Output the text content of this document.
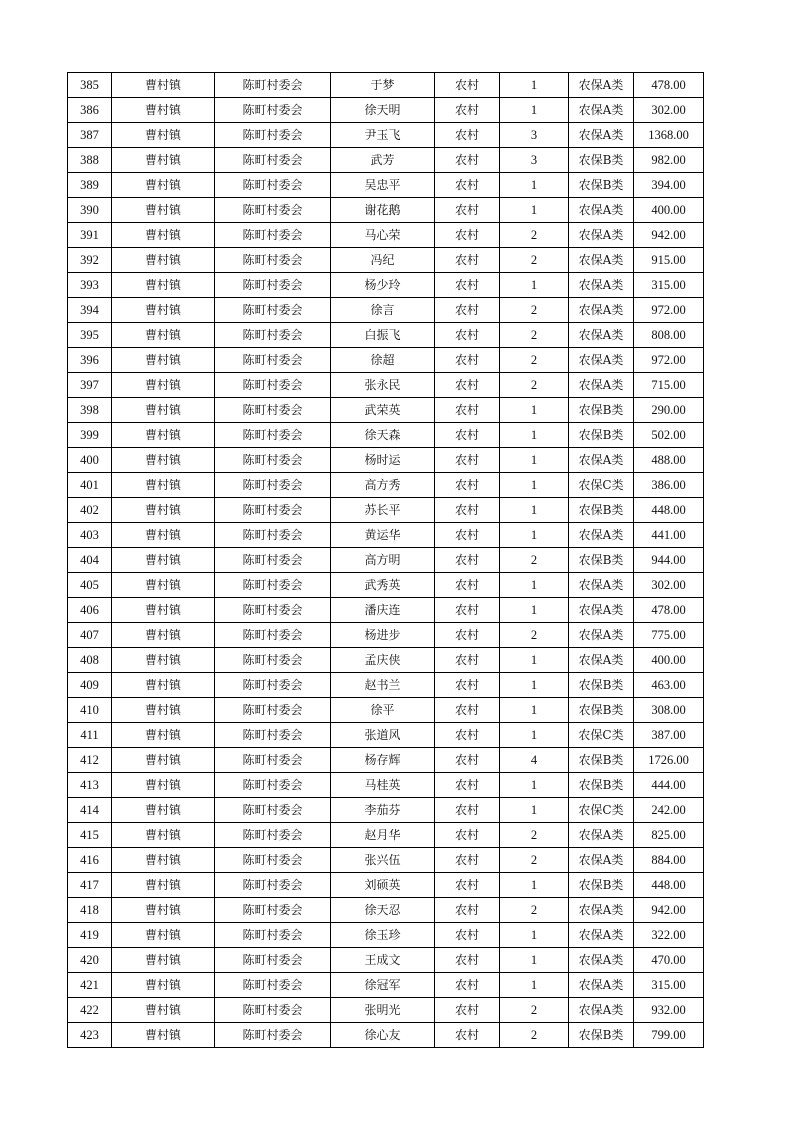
385	曹村镇	陈町村委会	于梦	农村	1	农保A类	478.00
386	曹村镇	陈町村委会	徐天明	农村	1	农保A类	302.00
387	曹村镇	陈町村委会	尹玉飞	农村	3	农保A类	1368.00
388	曹村镇	陈町村委会	武芳	农村	3	农保B类	982.00
389	曹村镇	陈町村委会	吴忠平	农村	1	农保B类	394.00
390	曹村镇	陈町村委会	谢花鹅	农村	1	农保A类	400.00
391	曹村镇	陈町村委会	马心荣	农村	2	农保A类	942.00
392	曹村镇	陈町村委会	冯纪	农村	2	农保A类	915.00
393	曹村镇	陈町村委会	杨少玲	农村	1	农保A类	315.00
394	曹村镇	陈町村委会	徐言	农村	2	农保A类	972.00
395	曹村镇	陈町村委会	白振飞	农村	2	农保A类	808.00
396	曹村镇	陈町村委会	徐超	农村	2	农保A类	972.00
397	曹村镇	陈町村委会	张永民	农村	2	农保A类	715.00
398	曹村镇	陈町村委会	武荣英	农村	1	农保B类	290.00
399	曹村镇	陈町村委会	徐天森	农村	1	农保B类	502.00
400	曹村镇	陈町村委会	杨时运	农村	1	农保A类	488.00
401	曹村镇	陈町村委会	高方秀	农村	1	农保C类	386.00
402	曹村镇	陈町村委会	苏长平	农村	1	农保B类	448.00
403	曹村镇	陈町村委会	黄运华	农村	1	农保A类	441.00
404	曹村镇	陈町村委会	高方明	农村	2	农保B类	944.00
405	曹村镇	陈町村委会	武秀英	农村	1	农保A类	302.00
406	曹村镇	陈町村委会	潘庆连	农村	1	农保A类	478.00
407	曹村镇	陈町村委会	杨进步	农村	2	农保A类	775.00
408	曹村镇	陈町村委会	孟庆侠	农村	1	农保A类	400.00
409	曹村镇	陈町村委会	赵书兰	农村	1	农保B类	463.00
410	曹村镇	陈町村委会	徐平	农村	1	农保B类	308.00
411	曹村镇	陈町村委会	张道风	农村	1	农保C类	387.00
412	曹村镇	陈町村委会	杨存辉	农村	4	农保B类	1726.00
413	曹村镇	陈町村委会	马桂英	农村	1	农保B类	444.00
414	曹村镇	陈町村委会	李茄芬	农村	1	农保C类	242.00
415	曹村镇	陈町村委会	赵月华	农村	2	农保A类	825.00
416	曹村镇	陈町村委会	张兴伍	农村	2	农保A类	884.00
417	曹村镇	陈町村委会	刘硕英	农村	1	农保B类	448.00
418	曹村镇	陈町村委会	徐天忍	农村	2	农保A类	942.00
419	曹村镇	陈町村委会	徐玉珍	农村	1	农保A类	322.00
420	曹村镇	陈町村委会	王成文	农村	1	农保A类	470.00
421	曹村镇	陈町村委会	徐冠军	农村	1	农保A类	315.00
422	曹村镇	陈町村委会	张明光	农村	2	农保A类	932.00
423	曹村镇	陈町村委会	徐心友	农村	2	农保B类	799.00
